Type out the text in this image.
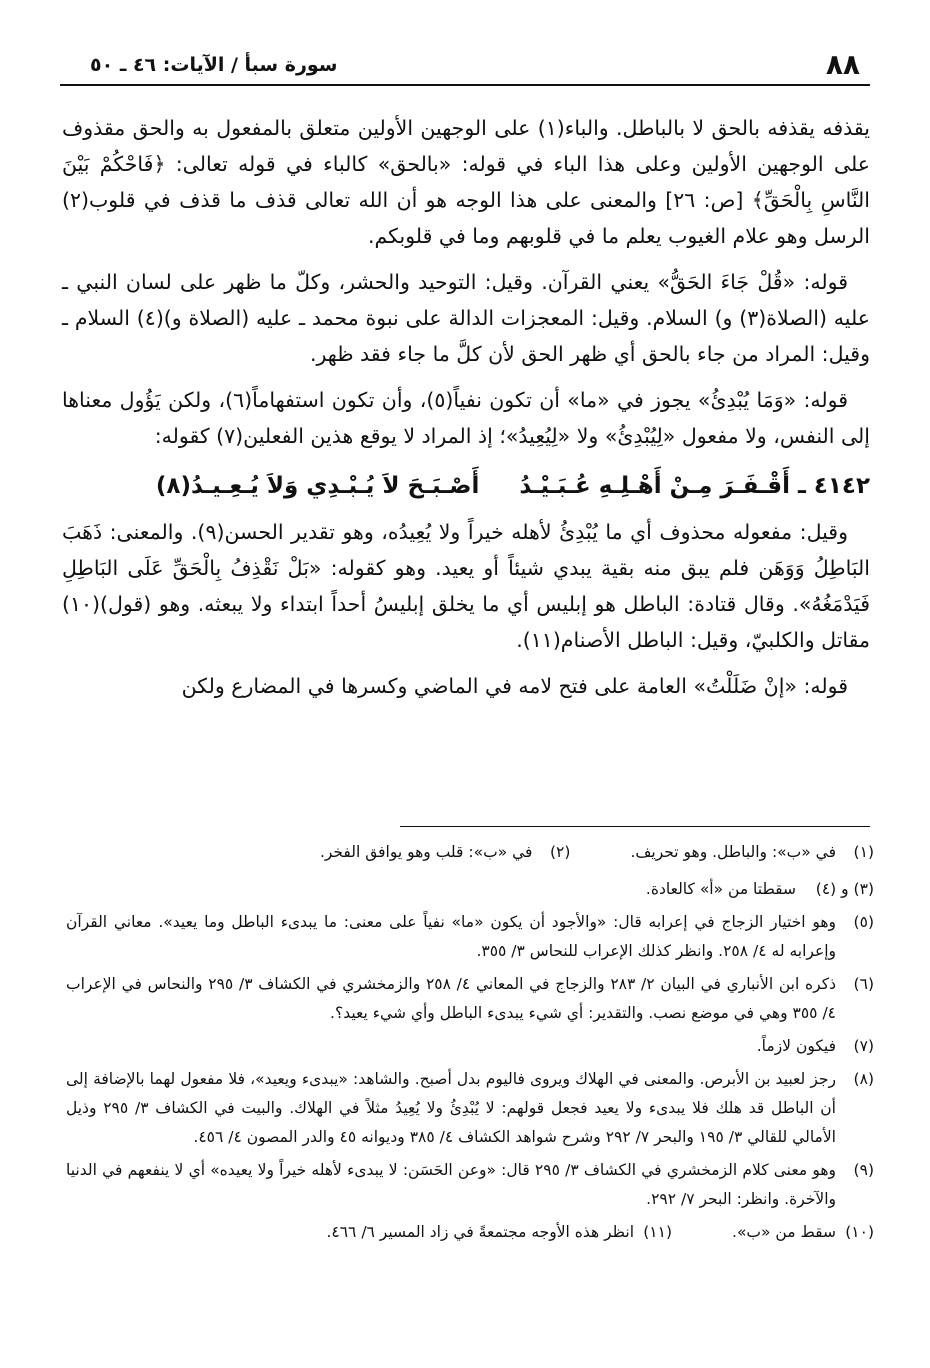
٨٨
سورة سبأ / الآيات: ٤٦ ـ ٥٠

يقذفه يقذفه بالحق لا بالباطل. والباء(١) على الوجهين الأولين متعلق بالمفعول به والحق مقذوف على الوجهين الأولين وعلى هذا الباء في قوله: «بالحق» كالباء في قوله تعالى: ﴿فَاحْكُمْ بَيْنَ النَّاسِ بِالْحَقِّ﴾ [ص: ٢٦] والمعنى على هذا الوجه هو أن الله تعالى قذف ما قذف في قلوب(٢) الرسل وهو علام الغيوب يعلم ما في قلوبهم وما في قلوبكم.

قوله: «قُلْ جَاءَ الحَقُّ» يعني القرآن. وقيل: التوحيد والحشر، وكلّ ما ظهر على لسان النبي ـ عليه (الصلاة(٣) و) السلام. وقيل: المعجزات الدالة على نبوة محمد ـ عليه (الصلاة و)(٤) السلام ـ وقيل: المراد من جاء بالحق أي ظهر الحق لأن كلَّ ما جاء فقد ظهر.

قوله: «وَمَا يُبْدِئُ» يجوز في «ما» أن تكون نفياً(٥)، وأن تكون استفهاماً(٦)، ولكن يَؤُول معناها إلى النفس، ولا مفعول «لِيُبْدِئُ» ولا «لِيُعِيدُ»؛ إذ المراد لا يوقع هذين الفعلين(٧) كقوله:

٤١٤٢ ـ أَقْـفَـرَ مِـنْ أَهْـلِـهِ عُـبَـيْـدُ
أَصْـبَـحَ لاَ يُـبْـدِي وَلاَ يُـعِـيـدُ(٨)

وقيل: مفعوله محذوف أي ما يُبْدِئُ لأهله خيراً ولا يُعِيدُه، وهو تقدير الحسن(٩). والمعنى: ذَهَبَ البَاطِلُ وَوَهَن فلم يبق منه بقية يبدي شيئاً أو يعيد. وهو كقوله: «بَلْ نَقْذِفُ بِالْحَقِّ عَلَى البَاطِلِ فَيَدْمَغُهُ». وقال قتادة: الباطل هو إبليس أي ما يخلق إبليسُ أحداً ابتداء ولا يبعثه. وهو (قول)(١٠) مقاتل والكلبيّ، وقيل: الباطل الأصنام(١١).

قوله: «إنْ ضَلَلْتُ» العامة على فتح لامه في الماضي وكسرها في المضارع ولكن

(١)
في «ب»: والباطل. وهو تحريف.
(٢)
في «ب»: قلب وهو يوافق الفخر.
(٣) و (٤)
سقطتا من «أ» كالعادة.
(٥)
وهو اختيار الزجاج في إعرابه قال: «والأجود أن يكون «ما» نفياً على معنى: ما يبدىء الباطل وما يعيد». معاني القرآن وإعرابه له ٤/ ٢٥٨. وانظر كذلك الإعراب للنحاس ٣/ ٣٥٥.
(٦)
ذكره ابن الأنباري في البيان ٢/ ٢٨٣ والزجاج في المعاني ٤/ ٢٥٨ والزمخشري في الكشاف ٣/ ٢٩٥ والنحاس في الإعراب ٤/ ٣٥٥ وهي في موضع نصب. والتقدير: أي شيء يبدىء الباطل وأي شيء يعيد؟.
(٧)
فيكون لازماً.
(٨)
رجز لعبيد بن الأبرص. والمعنى في الهلاك ويروى فاليوم بدل أصبح. والشاهد: «يبدىء ويعيد»، فلا مفعول لهما بالإضافة إلى أن الباطل قد هلك فلا يبدىء ولا يعيد فجعل قولهم: لا يُبْدِئُ ولا يُعِيدُ مثلاً في الهلاك. والبيت في الكشاف ٣/ ٢٩٥ وذيل الأمالي للقالي ٣/ ١٩٥ والبحر ٧/ ٢٩٢ وشرح شواهد الكشاف ٤/ ٣٨٥ وديوانه ٤٥ والدر المصون ٤/ ٤٥٦.
(٩)
وهو معنى كلام الزمخشري في الكشاف ٣/ ٢٩٥ قال: «وعن الحَسَن: لا يبدىء لأهله خيراً ولا يعيده» أي لا ينفعهم في الدنيا والآخرة. وانظر: البحر ٧/ ٢٩٢.
(١٠)
سقط من «ب».
(١١)
انظر هذه الأوجه مجتمعةً في زاد المسير ٦/ ٤٦٦.
